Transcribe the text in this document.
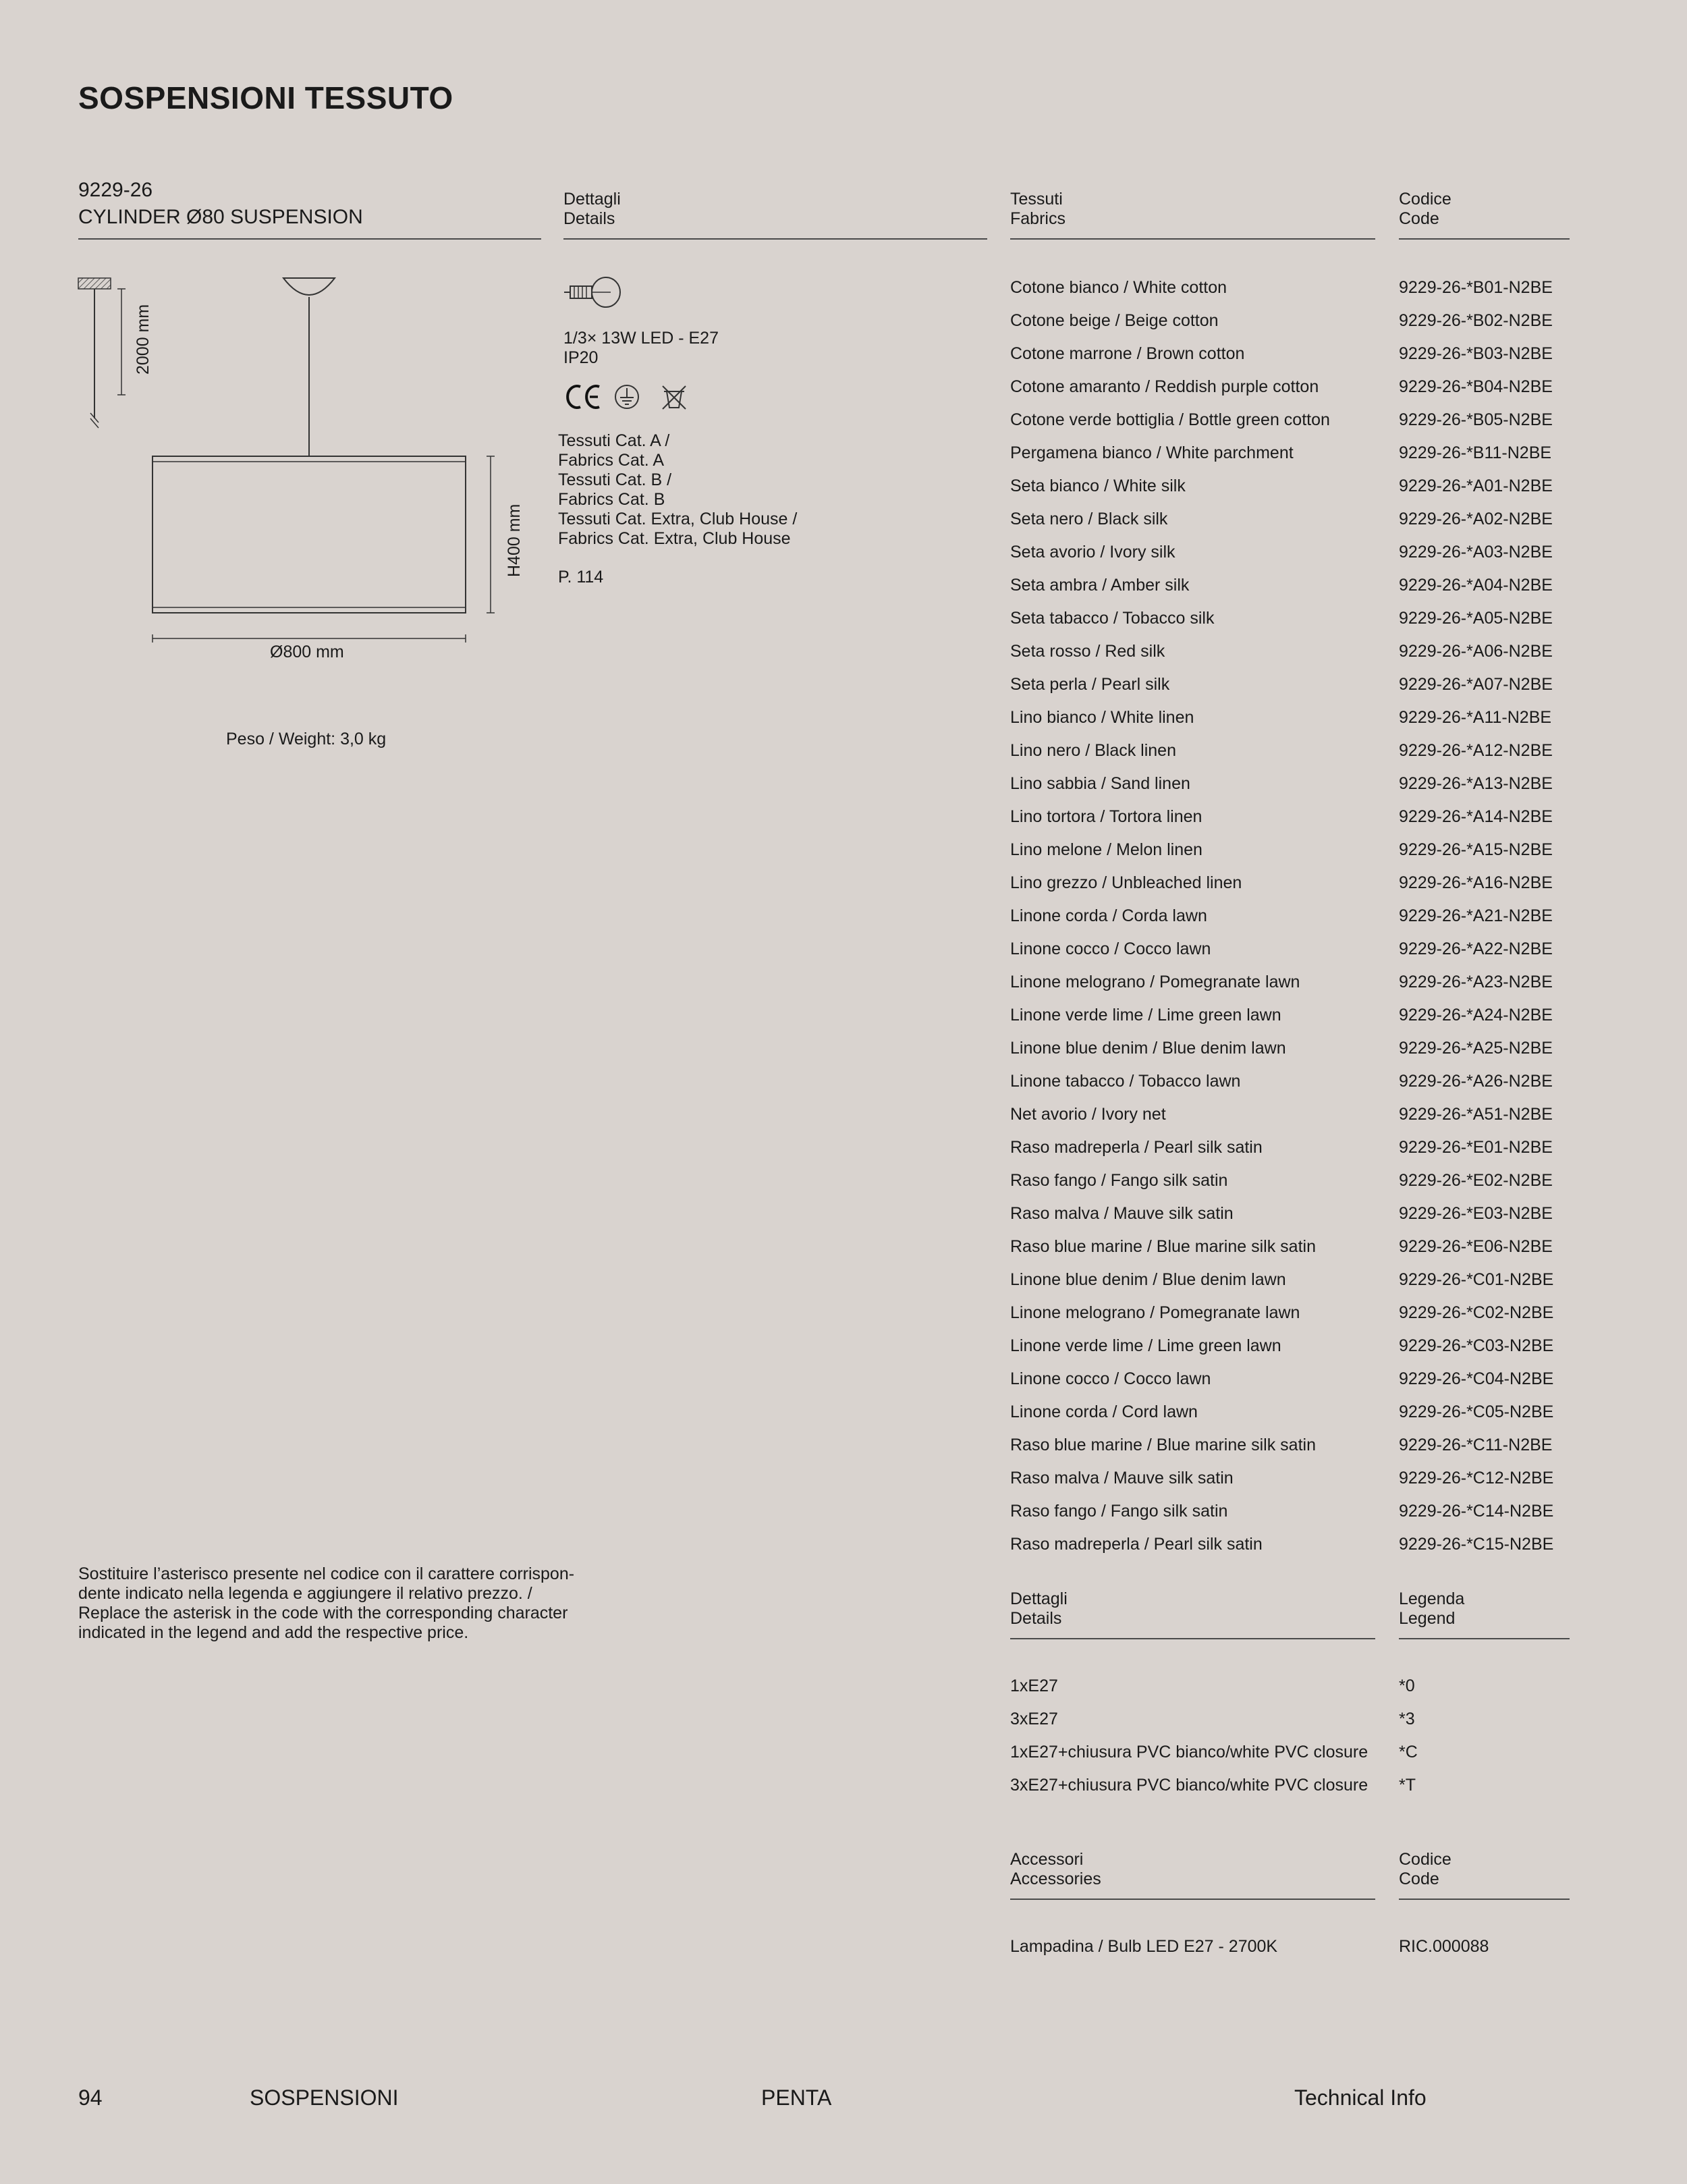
SOSPENSIONI TESSUTO
9229-26
CYLINDER Ø80 SUSPENSION
2000 mm
H400 mm
Ø800 mm
Peso / Weight: 3,0 kg
Dettagli
Details
1/3× 13W LED - E27
IP20
Tessuti Cat. A /
Fabrics Cat. A
Tessuti Cat. B /
Fabrics Cat. B
Tessuti Cat. Extra, Club House /
Fabrics Cat. Extra, Club House
P. 114
Tessuti
Fabrics
Codice
Code
Cotone bianco / White cotton	9229-26-*B01-N2BE
Cotone beige / Beige cotton	9229-26-*B02-N2BE
Cotone marrone / Brown cotton	9229-26-*B03-N2BE
Cotone amaranto / Reddish purple cotton	9229-26-*B04-N2BE
Cotone verde bottiglia / Bottle green cotton	9229-26-*B05-N2BE
Pergamena bianco / White parchment	9229-26-*B11-N2BE
Seta bianco / White silk	9229-26-*A01-N2BE
Seta nero / Black silk	9229-26-*A02-N2BE
Seta avorio / Ivory silk	9229-26-*A03-N2BE
Seta ambra / Amber silk	9229-26-*A04-N2BE
Seta tabacco / Tobacco silk	9229-26-*A05-N2BE
Seta rosso / Red silk	9229-26-*A06-N2BE
Seta perla / Pearl silk	9229-26-*A07-N2BE
Lino bianco / White linen	9229-26-*A11-N2BE
Lino nero / Black linen	9229-26-*A12-N2BE
Lino sabbia / Sand linen	9229-26-*A13-N2BE
Lino tortora / Tortora linen	9229-26-*A14-N2BE
Lino melone / Melon linen	9229-26-*A15-N2BE
Lino grezzo / Unbleached linen	9229-26-*A16-N2BE
Linone corda / Corda lawn	9229-26-*A21-N2BE
Linone cocco / Cocco lawn	9229-26-*A22-N2BE
Linone melograno / Pomegranate lawn	9229-26-*A23-N2BE
Linone verde lime / Lime green lawn	9229-26-*A24-N2BE
Linone blue denim / Blue denim lawn	9229-26-*A25-N2BE
Linone tabacco / Tobacco lawn	9229-26-*A26-N2BE
Net avorio / Ivory net	9229-26-*A51-N2BE
Raso madreperla / Pearl silk satin	9229-26-*E01-N2BE
Raso fango / Fango silk satin	9229-26-*E02-N2BE
Raso malva / Mauve silk satin	9229-26-*E03-N2BE
Raso blue marine / Blue marine silk satin	9229-26-*E06-N2BE
Linone blue denim / Blue denim lawn	9229-26-*C01-N2BE
Linone melograno / Pomegranate lawn	9229-26-*C02-N2BE
Linone verde lime / Lime green lawn	9229-26-*C03-N2BE
Linone cocco / Cocco lawn	9229-26-*C04-N2BE
Linone corda / Cord lawn	9229-26-*C05-N2BE
Raso blue marine / Blue marine silk satin	9229-26-*C11-N2BE
Raso malva / Mauve silk satin	9229-26-*C12-N2BE
Raso fango / Fango silk satin	9229-26-*C14-N2BE
Raso madreperla / Pearl silk satin	9229-26-*C15-N2BE
Dettagli
Details
Legenda
Legend
1xE27	*0
3xE27	*3
1xE27+chiusura PVC bianco/white PVC closure *C
3xE27+chiusura PVC bianco/white PVC closure *T
Accessori
Accessories
Codice
Code
Lampadina / Bulb LED E27 - 2700K	RIC.000088
Sostituire l’asterisco presente nel codice con il carattere corrispon-
dente indicato nella legenda e aggiungere il relativo prezzo. /
Replace the asterisk in the code with the corresponding character
indicated in the legend and add the respective price.
94	SOSPENSIONI	PENTA	Technical Info
